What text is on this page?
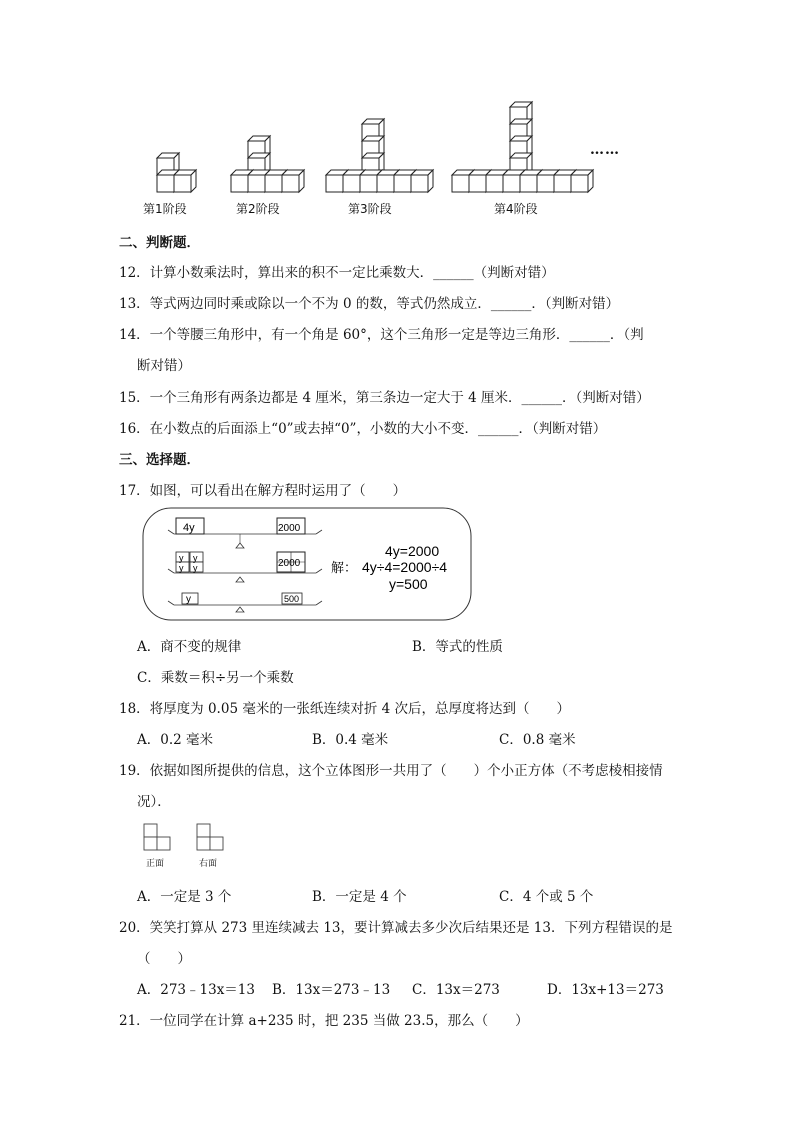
第1阶段	第2阶段	第3阶段	第4阶段
……
二、判断题．
12．计算小数乘法时，算出来的积不一定比乘数大．______（判断对错）
13．等式两边同时乘或除以一个不为 0 的数，等式仍然成立．______．（判断对错）
14．一个等腰三角形中，有一个角是 60°，这个三角形一定是等边三角形．______．（判
断对错）
15．一个三角形有两条边都是 4 厘米，第三条边一定大于 4 厘米．______．（判断对错）
16．在小数点的后面添上“0”或去掉“0”，小数的大小不变．______．（判断对错）
三、选择题．
17．如图，可以看出在解方程时运用了（　　）
4y	2000
y y
y y	2000
y	500
4y=2000
解： 4y÷4=2000÷4
y=500
A．商不变的规律	B．等式的性质
C．乘数＝积÷另一个乘数
18．将厚度为 0.05 毫米的一张纸连续对折 4 次后，总厚度将达到（　　）
A．0.2 毫米	B．0.4 毫米	C．0.8 毫米
19．依据如图所提供的信息，这个立体图形一共用了（　　）个小正方体（不考虑棱相接情
况）．
正面	右面
A．一定是 3 个	B．一定是 4 个	C．4 个或 5 个
20．笑笑打算从 273 里连续减去 13，要计算减去多少次后结果还是 13．下列方程错误的是
（　　）
A．273﹣13x＝13 B．13x＝273﹣13 C．13x＝273	D．13x+13＝273
21．一位同学在计算 a+235 时，把 235 当做 23.5，那么（　　）
